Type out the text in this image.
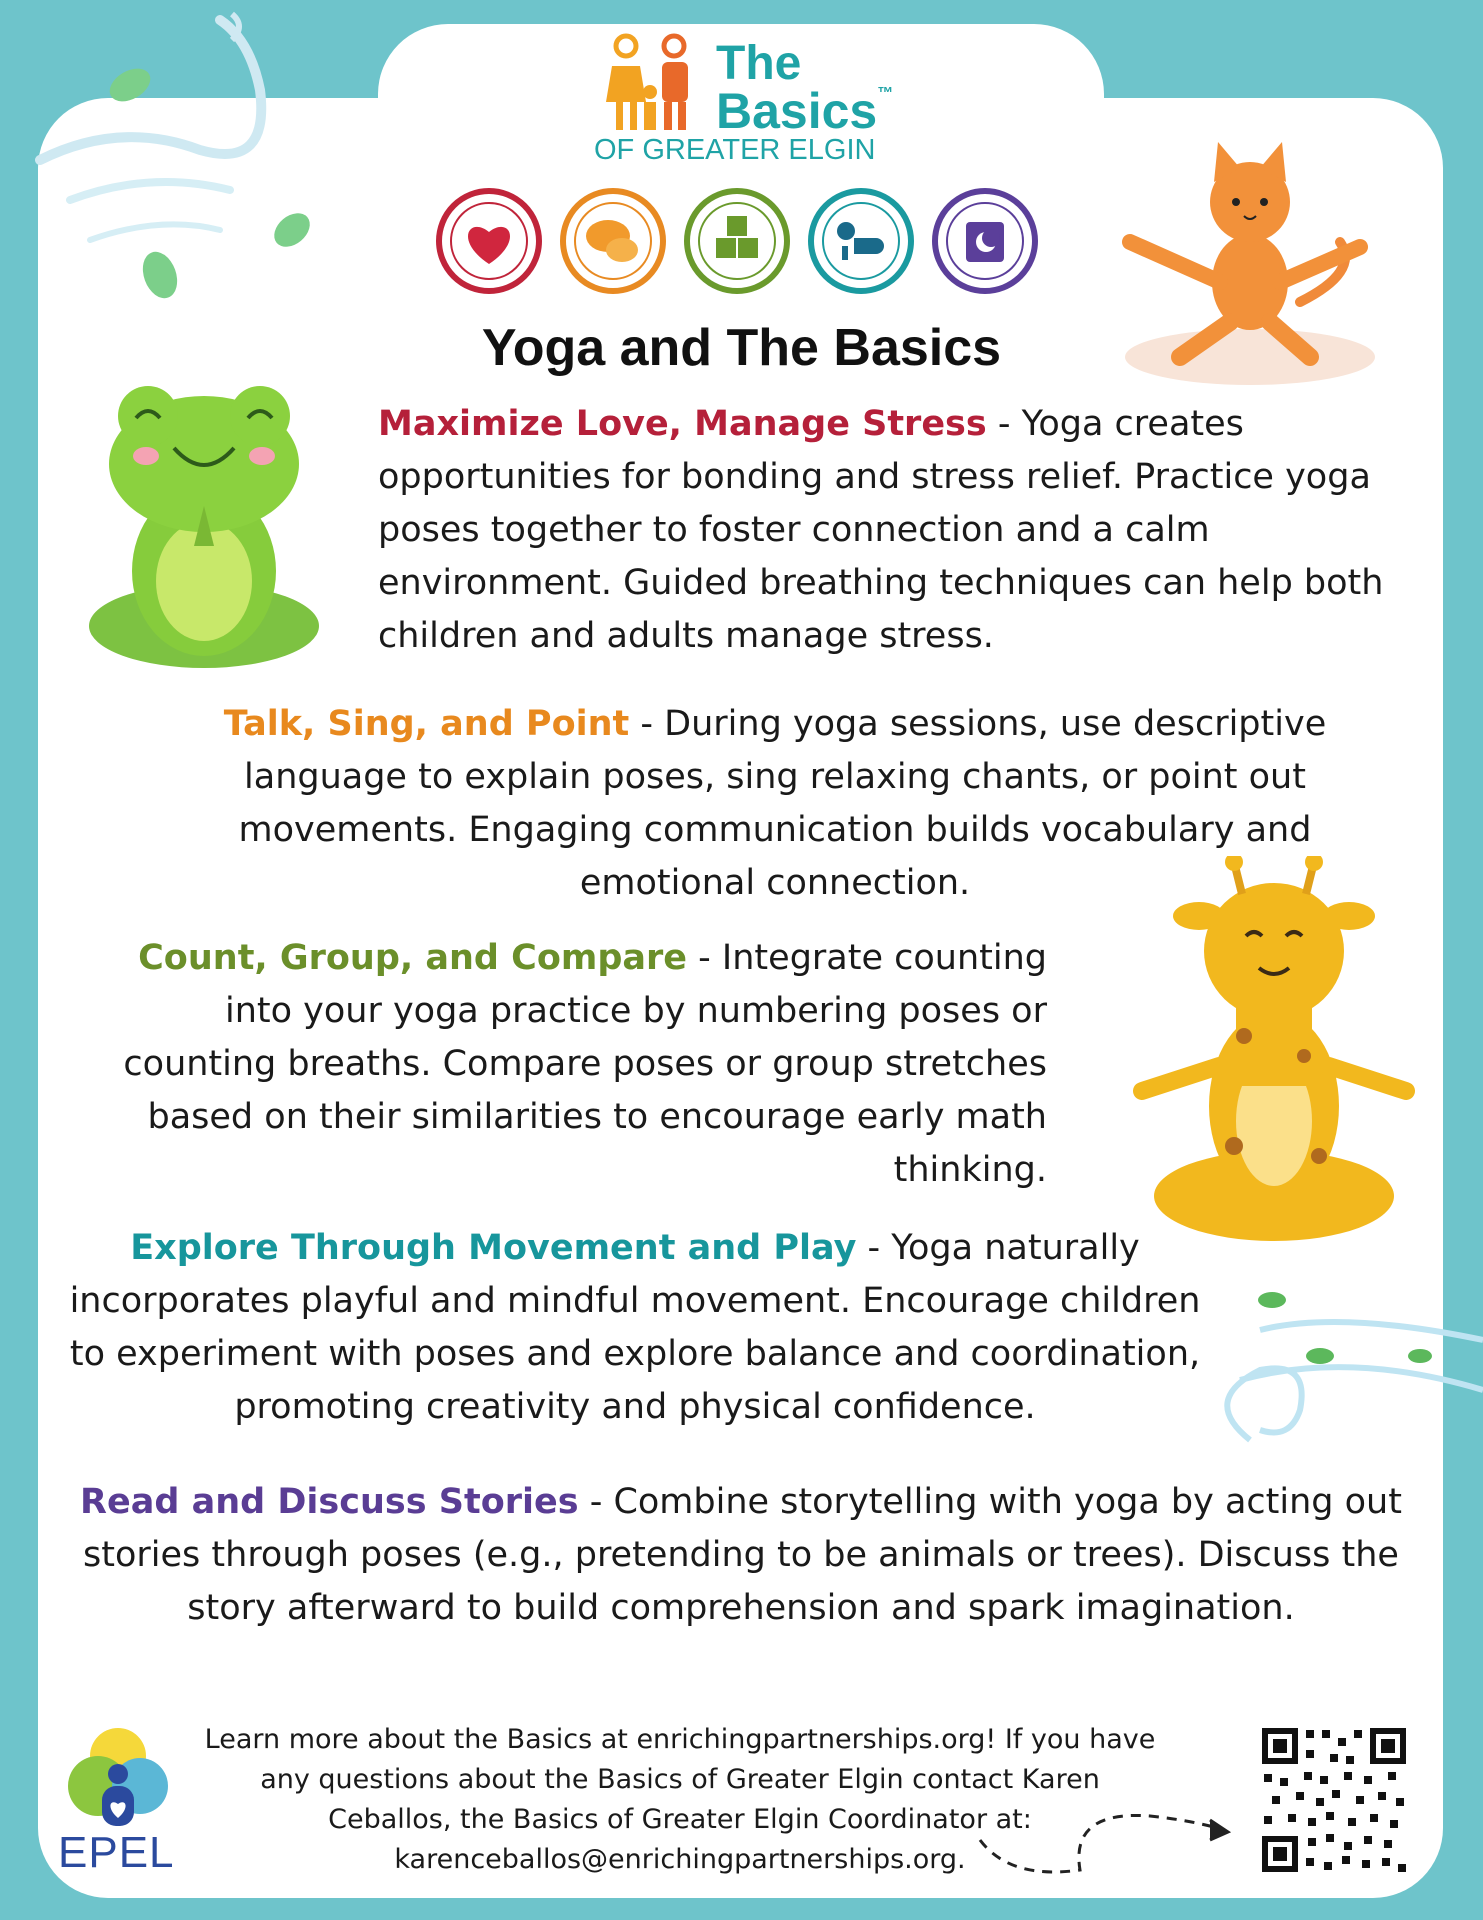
The
Basics™
OF GREATER ELGIN
Yoga and The Basics
Maximize Love, Manage Stress - Yoga creates opportunities for bonding and stress relief. Practice yoga poses together to foster connection and a calm environment. Guided breathing techniques can help both children and adults manage stress.
Talk, Sing, and Point - During yoga sessions, use descriptive language to explain poses, sing relaxing chants, or point out movements. Engaging communication builds vocabulary and emotional connection.
Count, Group, and Compare - Integrate counting into your yoga practice by numbering poses or counting breaths. Compare poses or group stretches based on their similarities to encourage early math thinking.
Explore Through Movement and Play - Yoga naturally incorporates playful and mindful movement. Encourage children to experiment with poses and explore balance and coordination, promoting creativity and physical confidence.
Read and Discuss Stories - Combine storytelling with yoga by acting out stories through poses (e.g., pretending to be animals or trees). Discuss the story afterward to build comprehension and spark imagination.
EPEL
Learn more about the Basics at enrichingpartnerships.org! If you have any questions about the Basics of Greater Elgin contact Karen Ceballos, the Basics of Greater Elgin Coordinator at: karenceballos@enrichingpartnerships.org.
